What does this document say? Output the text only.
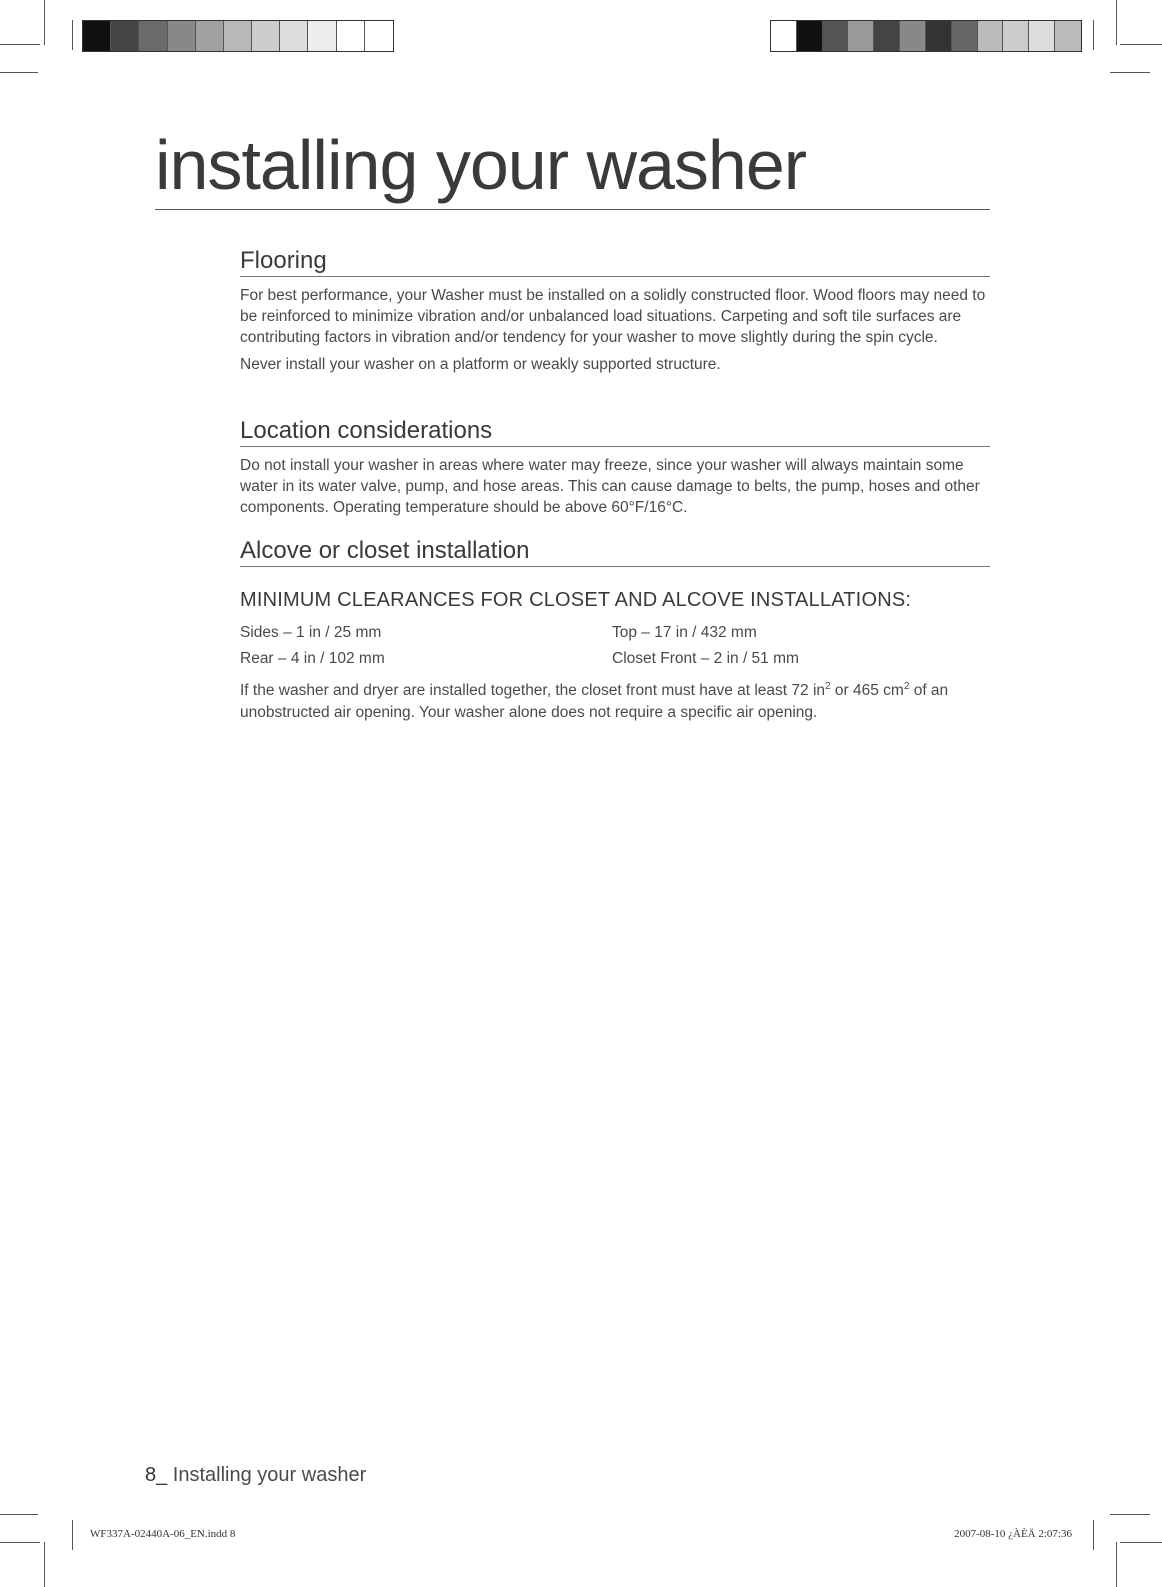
installing your washer
Flooring

For best performance, your Washer must be installed on a solidly constructed floor. Wood floors may need to be reinforced to minimize vibration and/or unbalanced load situations. Carpeting and soft tile surfaces are contributing factors in vibration and/or tendency for your washer to move slightly during the spin cycle.

Never install your washer on a platform or weakly supported structure.

Location considerations

Do not install your washer in areas where water may freeze, since your washer will always maintain some water in its water valve, pump, and hose areas. This can cause damage to belts, the pump, hoses and other components. Operating temperature should be above 60°F/16°C.

Alcove or closet installation
MINIMUM CLEARANCES FOR CLOSET AND ALCOVE INSTALLATIONS:
Sides – 1 in / 25 mm	Top – 17 in / 432 mm
Rear – 4 in / 102 mm	Closet Front – 2 in / 51 mm

If the washer and dryer are installed together, the closet front must have at least 72 $in^2$ or 465 $cm^2$ of an unobstructed air opening. Your washer alone does not require a specific air opening.

8_ Installing your washer
WF337A-02440A-06_EN.indd 8	2007-08-10 ¿ÀÈÄ 2:07:36
